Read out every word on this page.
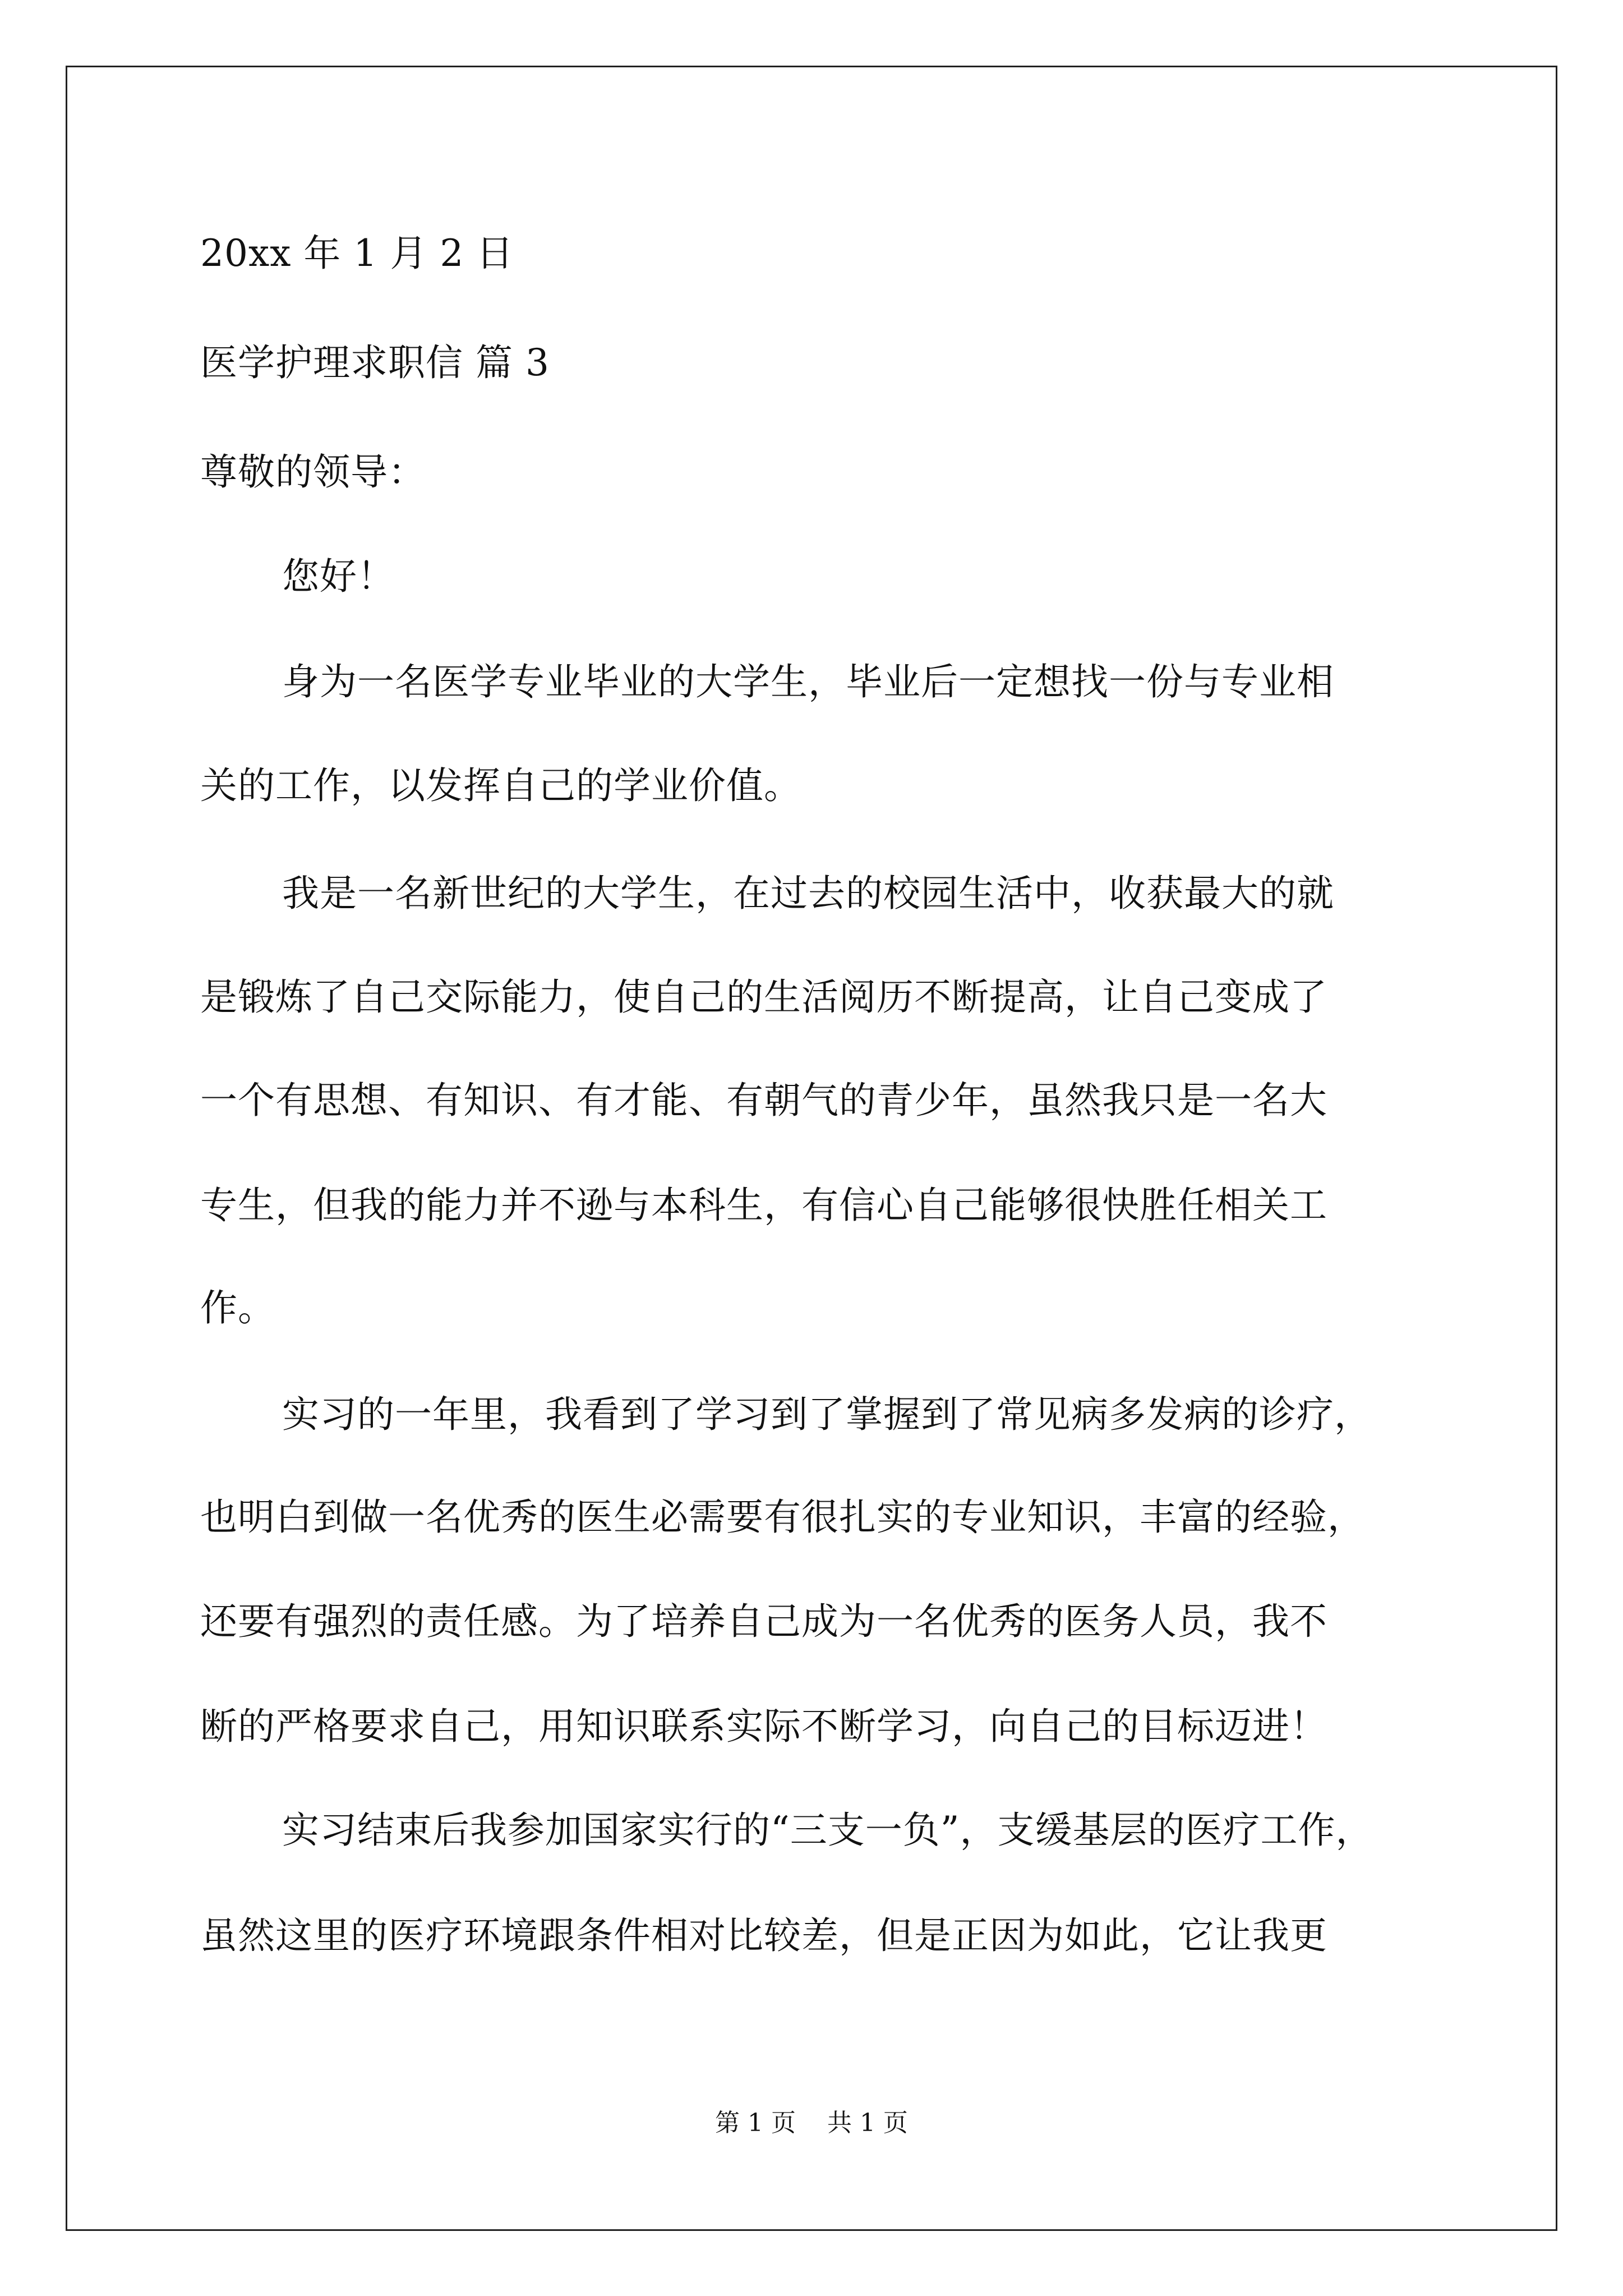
20xx 年 1 月 2 日
医学护理求职信 篇 3
尊敬的领导：
您好！
身为一名医学专业毕业的大学生，毕业后一定想找一份与专业相
关的工作，以发挥自己的学业价值。
我是一名新世纪的大学生，在过去的校园生活中，收获最大的就
是锻炼了自己交际能力，使自己的生活阅历不断提高，让自己变成了
一个有思想、有知识、有才能、有朝气的青少年，虽然我只是一名大
专生，但我的能力并不逊与本科生，有信心自己能够很快胜任相关工
作。
实习的一年里，我看到了学习到了掌握到了常见病多发病的诊疗，
也明白到做一名优秀的医生必需要有很扎实的专业知识，丰富的经验，
还要有强烈的责任感。为了培养自己成为一名优秀的医务人员，我不
断的严格要求自己，用知识联系实际不断学习，向自己的目标迈进！
实习结束后我参加国家实行的“三支一负”，支缓基层的医疗工作，
虽然这里的医疗环境跟条件相对比较差，但是正因为如此，它让我更
第 1 页    共 1 页
